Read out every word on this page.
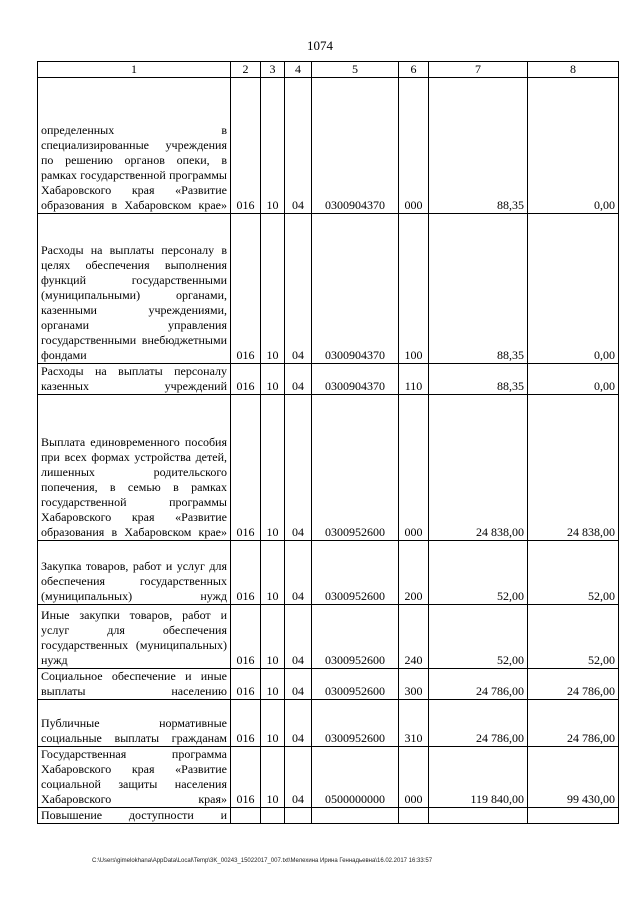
1074
1	2	3	4	5	6	7	8
определенных в специализированные учреждения по решению органов опеки, в рамках государственной программы Хабаровского края «Развитие образования в Хабаровском крае»	016	10	04	0300904370	000	88,35	0,00
Расходы на выплаты персоналу в целях обеспечения выполнения функций государственными (муниципальными) органами, казенными учреждениями, органами управления государственными внебюджетными фондами	016	10	04	0300904370	100	88,35	0,00
Расходы на выплаты персоналу казенных учреждений	016	10	04	0300904370	110	88,35	0,00
Выплата единовременного пособия при всех формах устройства детей, лишенных родительского попечения, в семью в рамках государственной программы Хабаровского края «Развитие образования в Хабаровском крае»	016	10	04	0300952600	000	24 838,00	24 838,00
Закупка товаров, работ и услуг для обеспечения государственных (муниципальных) нужд	016	10	04	0300952600	200	52,00	52,00
Иные закупки товаров, работ и услуг для обеспечения государственных (муниципальных) нужд	016	10	04	0300952600	240	52,00	52,00
Социальное обеспечение и иные выплаты населению	016	10	04	0300952600	300	24 786,00	24 786,00
Публичные нормативные социальные выплаты гражданам	016	10	04	0300952600	310	24 786,00	24 786,00
Государственная программа Хабаровского края «Развитие социальной защиты населения Хабаровского края»	016	10	04	0500000000	000	119 840,00	99 430,00
Повышение доступности и							
C:\Users\gimelokhana\AppData\Local\Temp\3K_00243_15022017_007.txt\Мелехина Ирина Геннадьевна\16.02.2017 16:33:57
